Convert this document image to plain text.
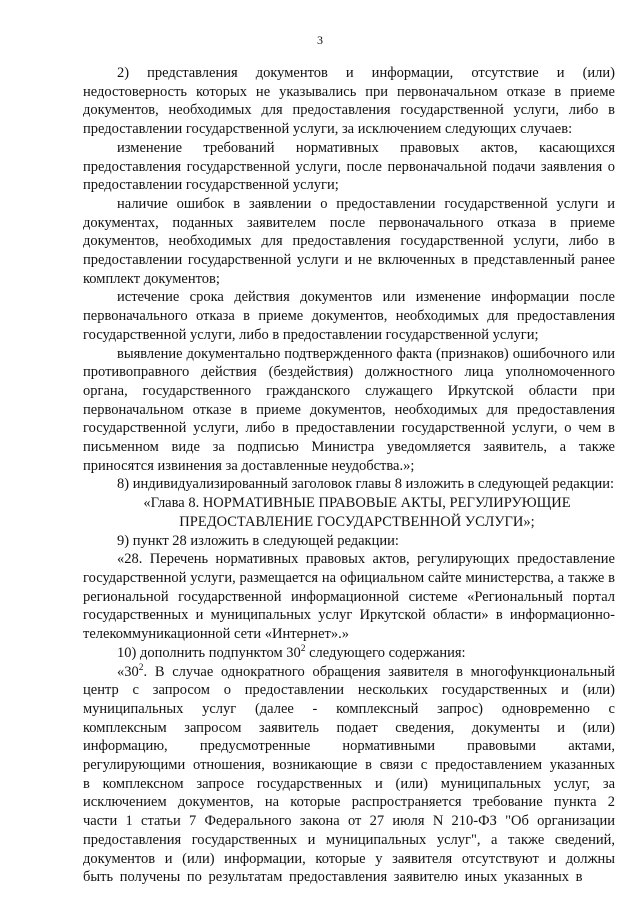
3

2) представления документов и информации, отсутствие и (или) недостоверность которых не указывались при первоначальном отказе в приеме документов, необходимых для предоставления государственной услуги, либо в предоставлении государственной услуги, за исключением следующих случаев:

изменение требований нормативных правовых актов, касающихся предоставления государственной услуги, после первоначальной подачи заявления о предоставлении государственной услуги;

наличие ошибок в заявлении о предоставлении государственной услуги и документах, поданных заявителем после первоначального отказа в приеме документов, необходимых для предоставления государственной услуги, либо в предоставлении государственной услуги и не включенных в представленный ранее комплект документов;

истечение срока действия документов или изменение информации после первоначального отказа в приеме документов, необходимых для предоставления государственной услуги, либо в предоставлении государственной услуги;

выявление документально подтвержденного факта (признаков) ошибочного или противоправного действия (бездействия) должностного лица уполномоченного органа, государственного гражданского служащего Иркутской области при первоначальном отказе в приеме документов, необходимых для предоставления государственной услуги, либо в предоставлении государственной услуги, о чем в письменном виде за подписью Министра уведомляется заявитель, а также приносятся извинения за доставленные неудобства.»;

8) индивидуализированный заголовок главы 8 изложить в следующей редакции:

«Глава 8. НОРМАТИВНЫЕ ПРАВОВЫЕ АКТЫ, РЕГУЛИРУЮЩИЕ ПРЕДОСТАВЛЕНИЕ ГОСУДАРСТВЕННОЙ УСЛУГИ»;

9) пункт 28 изложить в следующей редакции:

«28. Перечень нормативных правовых актов, регулирующих предоставление государственной услуги, размещается на официальном сайте министерства, а также в региональной государственной информационной системе «Региональный портал государственных и муниципальных услуг Иркутской области» в информационно-телекоммуникационной сети «Интернет».»

10) дополнить подпунктом $30^2$ следующего содержания:

«$30^2$. В случае однократного обращения заявителя в многофункциональный центр с запросом о предоставлении нескольких государственных и (или) муниципальных услуг (далее - комплексный запрос) одновременно с комплексным запросом заявитель подает сведения, документы и (или) информацию, предусмотренные нормативными правовыми актами, регулирующими отношения, возникающие в связи с предоставлением указанных в комплексном запросе государственных и (или) муниципальных услуг, за исключением документов, на которые распространяется требование пункта 2 части 1 статьи 7 Федерального закона от 27 июля N 210-ФЗ "Об организации предоставления государственных и муниципальных услуг", а также сведений, документов и (или) информации, которые у заявителя отсутствуют и должны быть получены по результатам предоставления заявителю иных указанных в
